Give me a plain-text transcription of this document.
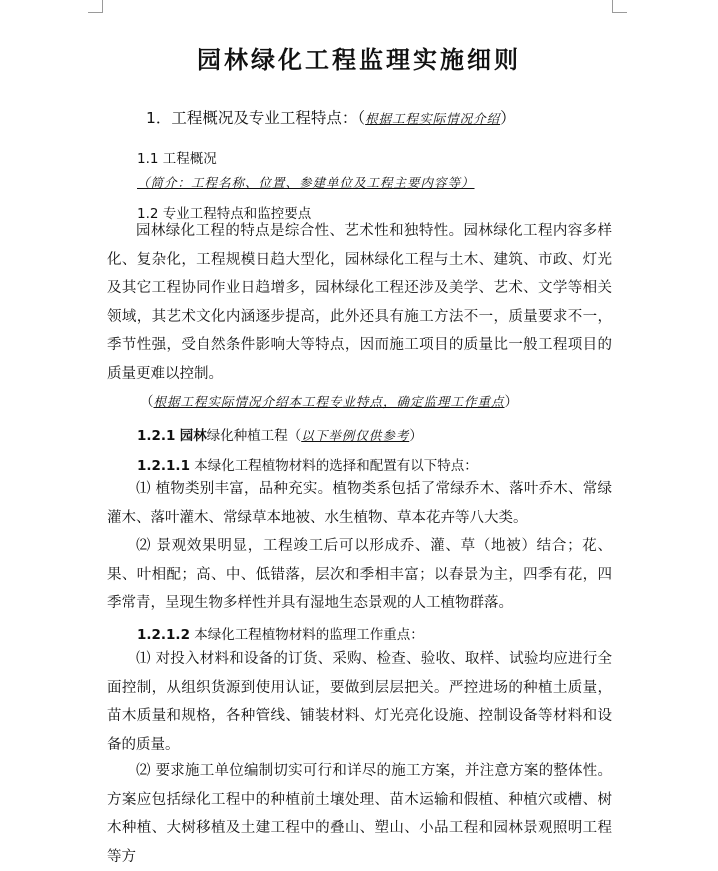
园林绿化工程监理实施细则
1．工程概况及专业工程特点：（根据工程实际情况介绍）
1.1 工程概况
（简介：工程名称、位置、参建单位及工程主要内容等）
1.2 专业工程特点和监控要点
园林绿化工程的特点是综合性、艺术性和独特性。园林绿化工程内容多样化、复杂化，工程规模日趋大型化，园林绿化工程与土木、建筑、市政、灯光及其它工程协同作业日趋增多，园林绿化工程还涉及美学、艺术、文学等相关领域，其艺术文化内涵逐步提高，此外还具有施工方法不一，质量要求不一，季节性强，受自然条件影响大等特点，因而施工项目的质量比一般工程项目的质量更难以控制。
（根据工程实际情况介绍本工程专业特点，确定监理工作重点）
1.2.1 园林绿化种植工程（以下举例仅供参考）
1.2.1.1 本绿化工程植物材料的选择和配置有以下特点：
⑴ 植物类别丰富，品种充实。植物类系包括了常绿乔木、落叶乔木、常绿灌木、落叶灌木、常绿草本地被、水生植物、草本花卉等八大类。
⑵ 景观效果明显，工程竣工后可以形成乔、灌、草（地被）结合；花、果、叶相配；高、中、低错落，层次和季相丰富；以春景为主，四季有花，四季常青，呈现生物多样性并具有湿地生态景观的人工植物群落。
1.2.1.2 本绿化工程植物材料的监理工作重点：
⑴ 对投入材料和设备的订货、采购、检查、验收、取样、试验均应进行全面控制，从组织货源到使用认证，要做到层层把关。严控进场的种植土质量，苗木质量和规格，各种管线、铺装材料、灯光亮化设施、控制设备等材料和设备的质量。
⑵ 要求施工单位编制切实可行和详尽的施工方案，并注意方案的整体性。方案应包括绿化工程中的种植前土壤处理、苗木运输和假植、种植穴或槽、树木种植、大树移植及土建工程中的叠山、塑山、小品工程和园林景观照明工程等方
